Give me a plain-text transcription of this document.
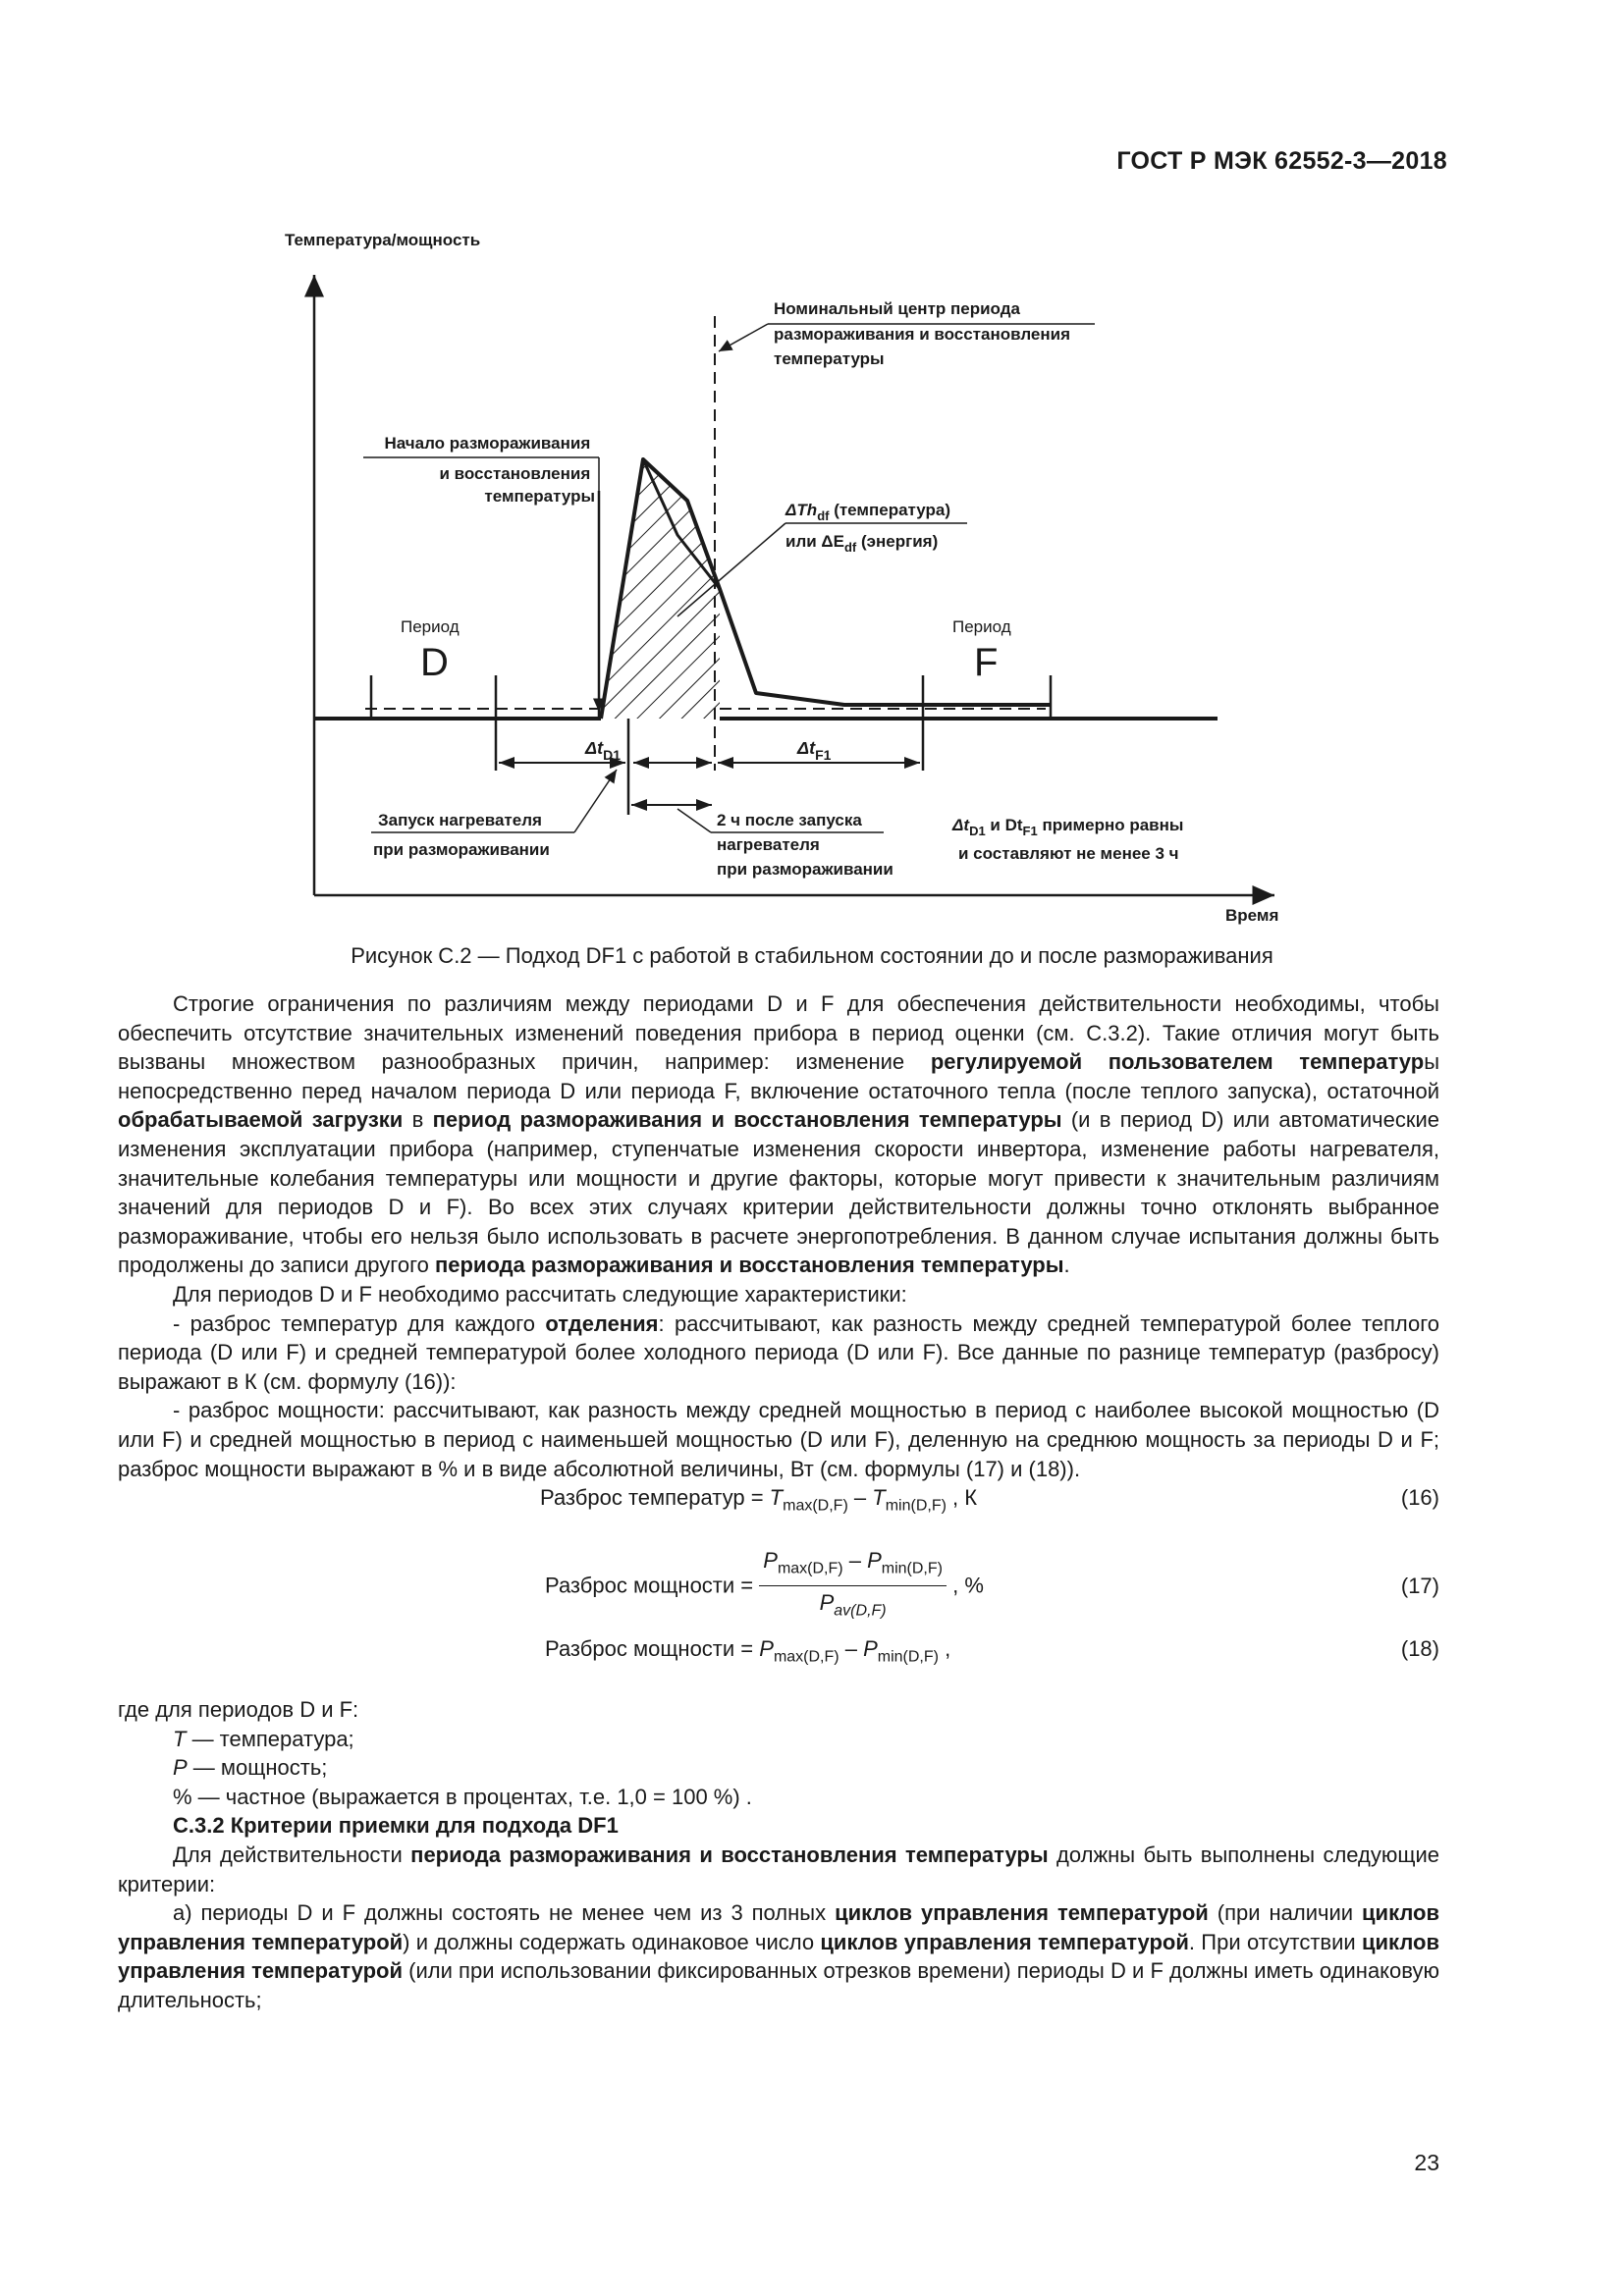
ГОСТ Р МЭК 62552-3—2018
Температура/мощность
Время
Номинальный центр периода размораживания и восстановления температуры
Начало размораживания и восстановления температуры
ΔTh$_{df}$ (температура)
или $\Delta E_{df}$ (энергия)
Период
D
Период
F
$\Delta t_{D1}$	$\Delta t_{F1}$
Запуск нагревателя при размораживании
2 ч после запуска нагревателя при размораживании
$\Delta t_{D1}$ и $Dt_{F1}$ примерно равны
и составляют не менее 3 ч
Рисунок C.2 — Подход DF1 с работой в стабильном состоянии до и после размораживания

Строгие ограничения по различиям между периодами D и F для обеспечения действительности необходимы, чтобы обеспечить отсутствие значительных изменений поведения прибора в период оценки (см. C.3.2). Такие отличия могут быть вызваны множеством разнообразных причин, например: изменение регулируемой пользователем температуры непосредственно перед началом периода D или периода F, включение остаточного тепла (после теплого запуска), остаточной обрабатываемой загрузки в период размораживания и восстановления температуры (и в период D) или автоматические изменения эксплуатации прибора (например, ступенчатые изменения скорости инвертора, изменение работы нагревателя, значительные колебания температуры или мощности и другие факторы, которые могут привести к значительным различиям значений для периодов D и F). Во всех этих случаях критерии действительности должны точно отклонять выбранное размораживание, чтобы его нельзя было использовать в расчете энергопотребления. В данном случае испытания должны быть продолжены до записи другого периода размораживания и восстановления температуры.

Для периодов D и F необходимо рассчитать следующие характеристики:

- разброс температур для каждого отделения: рассчитывают, как разность между средней температурой более теплого периода (D или F) и средней температурой более холодного периода (D или F). Все данные по разнице температур (разбросу) выражают в К (см. формулу (16)):

- разброс мощности: рассчитывают, как разность между средней мощностью в период с наиболее высокой мощностью (D или F) и средней мощностью в период с наименьшей мощностью (D или F), деленную на среднюю мощность за периоды D и F; разброс мощности выражают в % и в виде абсолютной величины, Вт (см. формулы (17) и (18)).

Разброс температур = $T_{max(D,F)} - T_{min(D,F)}$ , К	(16)
Разброс мощности = $\frac{P_{max(D,F)} - P_{min(D,F)}}{P_{av(D,F)}}$ , %	(17)
Разброс мощности = $P_{max(D,F)} - P_{min(D,F)}$ ,	(18)

где для периодов D и F:

T — температура;

P — мощность;

% — частное (выражается в процентах, т.е. 1,0 = 100 %) .

C.3.2 Критерии приемки для подхода DF1

Для действительности периода размораживания и восстановления температуры должны быть выполнены следующие критерии:

а) периоды D и F должны состоять не менее чем из 3 полных циклов управления температурой (при наличии циклов управления температурой) и должны содержать одинаковое число циклов управления температурой. При отсутствии циклов управления температурой (или при использовании фиксированных отрезков времени) периоды D и F должны иметь одинаковую длительность;

23
